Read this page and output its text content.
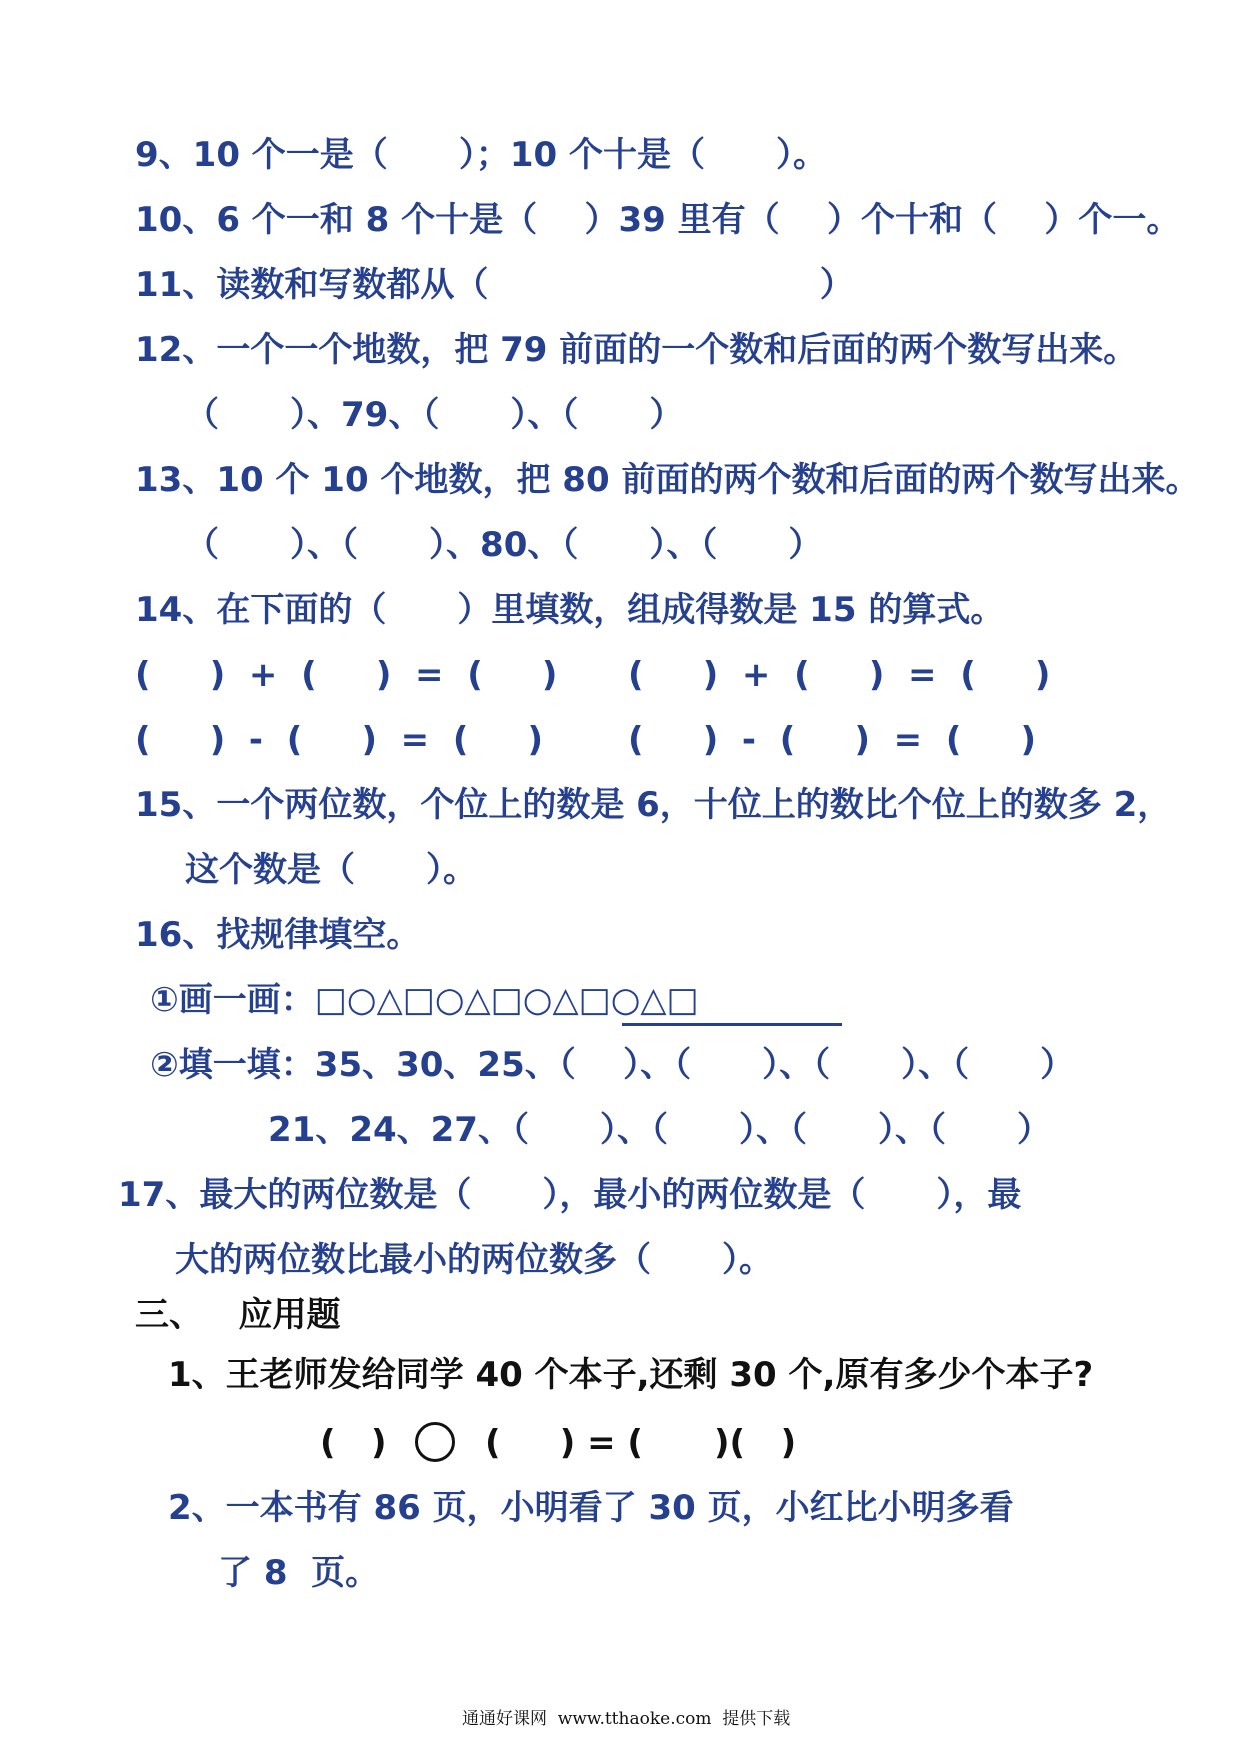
9、10 个一是（      ）；10 个十是（      ）。
10、6 个一和 8 个十是（    ）39 里有（    ）个十和（    ）个一。
11、读数和写数都从（                            ）
12、一个一个地数，把 79 前面的一个数和后面的两个数写出来。
（      ）、79、（      ）、（      ）
13、10 个 10 个地数，把 80 前面的两个数和后面的两个数写出来。
（      ）、（      ）、80、（      ）、（      ）
14、在下面的（      ）里填数，组成得数是 15 的算式。
(     )  +  (     )  =  (     ) (     )  +  (     )  =  (     )
(     )  -  (     )  =  (     ) (     )  -  (     )  =  (     )
15、一个两位数，个位上的数是 6，十位上的数比个位上的数多 2，
这个数是（      ）。
16、找规律填空。
①画一画：□○△□○△□○△□○△□
②填一填：35、30、25、（    ）、（      ）、（      ）、（      ）
21、24、27、（      ）、（      ）、（      ）、（      ）
17、最大的两位数是（      ），最小的两位数是（      ），最
大的两位数比最小的两位数多（      ）。
三、   应用题
1、王老师发给同学 40 个本子,还剩 30 个,原有多少个本子?
(   )	(     ) = (      )(   )
2、一本书有 86 页，小明看了 30 页，小红比小明多看
了 8  页。
通通好课网  www.tthaoke.com  提供下载
